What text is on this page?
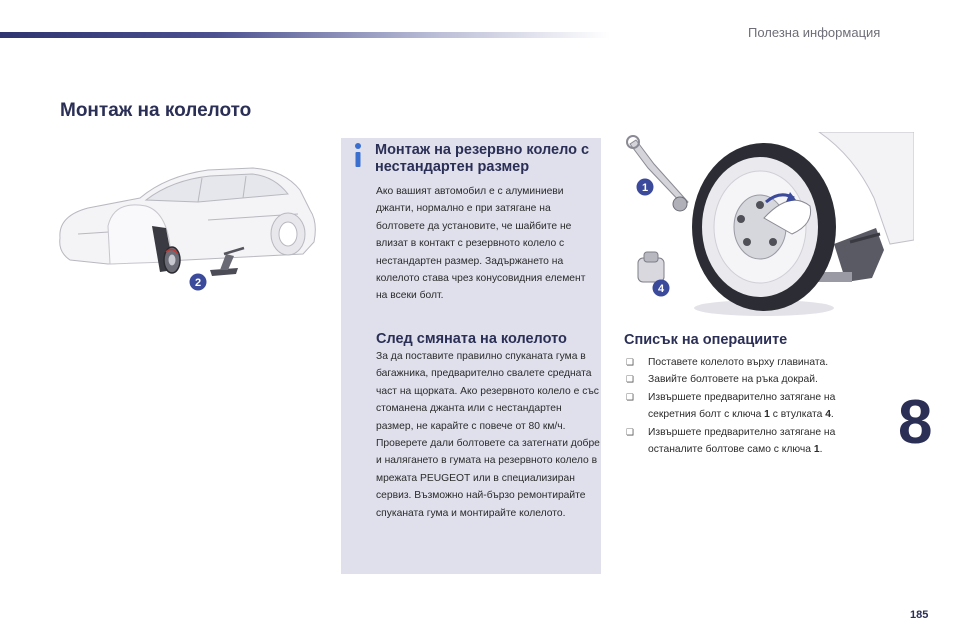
Полезна информация
Монтаж на колелото
2
Монтаж на резервно колело с нестандартен размер

Ако вашият автомобил е с алуминиеви джанти, нормално е при затягане на болтовете да установите, че шайбите не влизат в контакт с резервното колело с нестандартен размер. Задържането на колелото става чрез конусовидния елемент на всеки болт.

След смяната на колелото

За да поставите правилно спуканата гума в багажника, предварително свалете средната част на щорката. Ако резервното колело е със стоманена джанта или с нестандартен размер, не карайте с повече от 80 км/ч. Проверете дали болтовете са затегнати добре и налягането в гумата на резервното колело в мрежата PEUGEOT или в специализиран сервиз. Възможно най-бързо ремонтирайте спуканата гума и монтирайте колелото.

1
4
Списък на операциите
❏ Поставете колелото върху главината.
❏ Завийте болтовете на ръка докрай.
❏ Извършете предварително затягане на секретния болт с ключа 1 с втулката 4.
❏ Извършете предварително затягане на останалите болтове само с ключа 1.	8
185
